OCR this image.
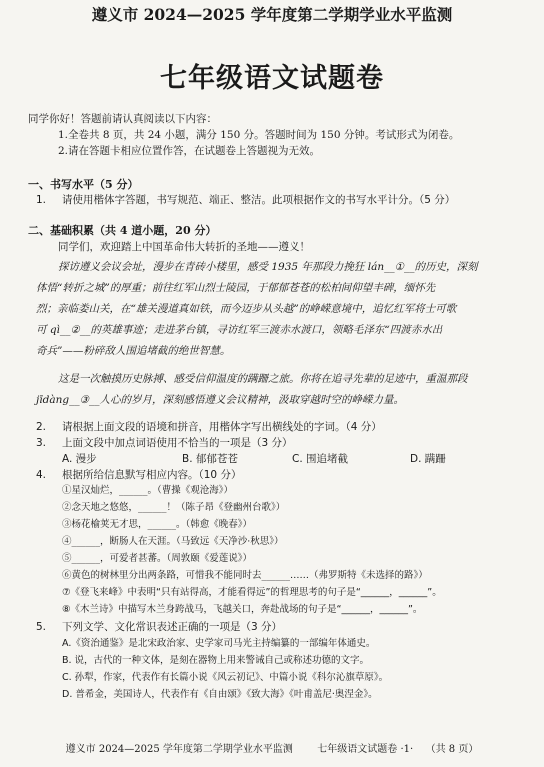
遵义市 2024—2025 学年度第二学期学业水平监测
七年级语文试题卷
同学你好！答题前请认真阅读以下内容：
1.全卷共 8 页，共 24 小题，满分 150 分。答题时间为 150 分钟。考试形式为闭卷。
2.请在答题卡相应位置作答，在试题卷上答题视为无效。
一、书写水平（5 分）
1. 请使用楷体字答题，书写规范、端正、整洁。此项根据作文的书写水平计分。（5 分）
二、基础积累（共 4 道小题，20 分）
同学们，欢迎踏上中国革命伟大转折的圣地——遵义！
探访遵义会议会址，漫步在青砖小楼里，感受 1935 年那段力挽狂 lán__①__的历史，深刻
体悟“转折之城”的厚重；前往红军山烈士陵园，于郁郁苍苍的松柏间仰望丰碑，缅怀先
烈；亲临娄山关，在“雄关漫道真如铁，而今迈步从头越”的峥嵘意境中，追忆红军将士可歌
可 qì__②__的英雄事迹；走进茅台镇，寻访红军三渡赤水渡口，领略毛泽东“四渡赤水出
奇兵”——粉碎敌人围追堵截的绝世智慧。
这是一次触摸历史脉搏、感受信仰温度的蹒跚之旅。你将在追寻先辈的足迹中，重温那段
jīdàng__③__人心的岁月，深刻感悟遵义会议精神，汲取穿越时空的峥嵘力量。
2. 请根据上面文段的语境和拼音，用楷体字写出横线处的字词。（4 分）
3. 上面文段中加点词语使用不恰当的一项是（3 分）
A. 漫步	B. 郁郁苍苍	C. 围追堵截	D. 蹒跚
4. 根据所给信息默写相应内容。（10 分）
①星汉灿烂，______。（曹操《观沧海》）
②念天地之悠悠，______！（陈子昂《登幽州台歌》）
③杨花榆荚无才思，______。（韩愈《晚春》）
④______，断肠人在天涯。（马致远《天净沙·秋思》）
⑤______，可爱者甚蕃。（周敦颐《爱莲说》）
⑥黄色的树林里分出两条路，可惜我不能同时去______……（弗罗斯特《未选择的路》）
⑦《登飞来峰》中表明“只有站得高，才能看得远”的哲理思考的句子是“______，______”。
⑧《木兰诗》中描写木兰身跨战马，飞越关口，奔赴战场的句子是“______，______”。
5. 下列文学、文化常识表述正确的一项是（3 分）
A.《资治通鉴》是北宋政治家、史学家司马光主持编纂的一部编年体通史。
B. 说，古代的一种文体，是刻在器物上用来警诫自己或称述功德的文字。
C. 孙犁，作家，代表作有长篇小说《风云初记》、中篇小说《科尔沁旗草原》。
D. 普希金，美国诗人，代表作有《自由颂》《致大海》《叶甫盖尼·奥涅金》。
遵义市 2024—2025 学年度第二学期学业水平监测 七年级语文试题卷 ·1· （共 8 页）
